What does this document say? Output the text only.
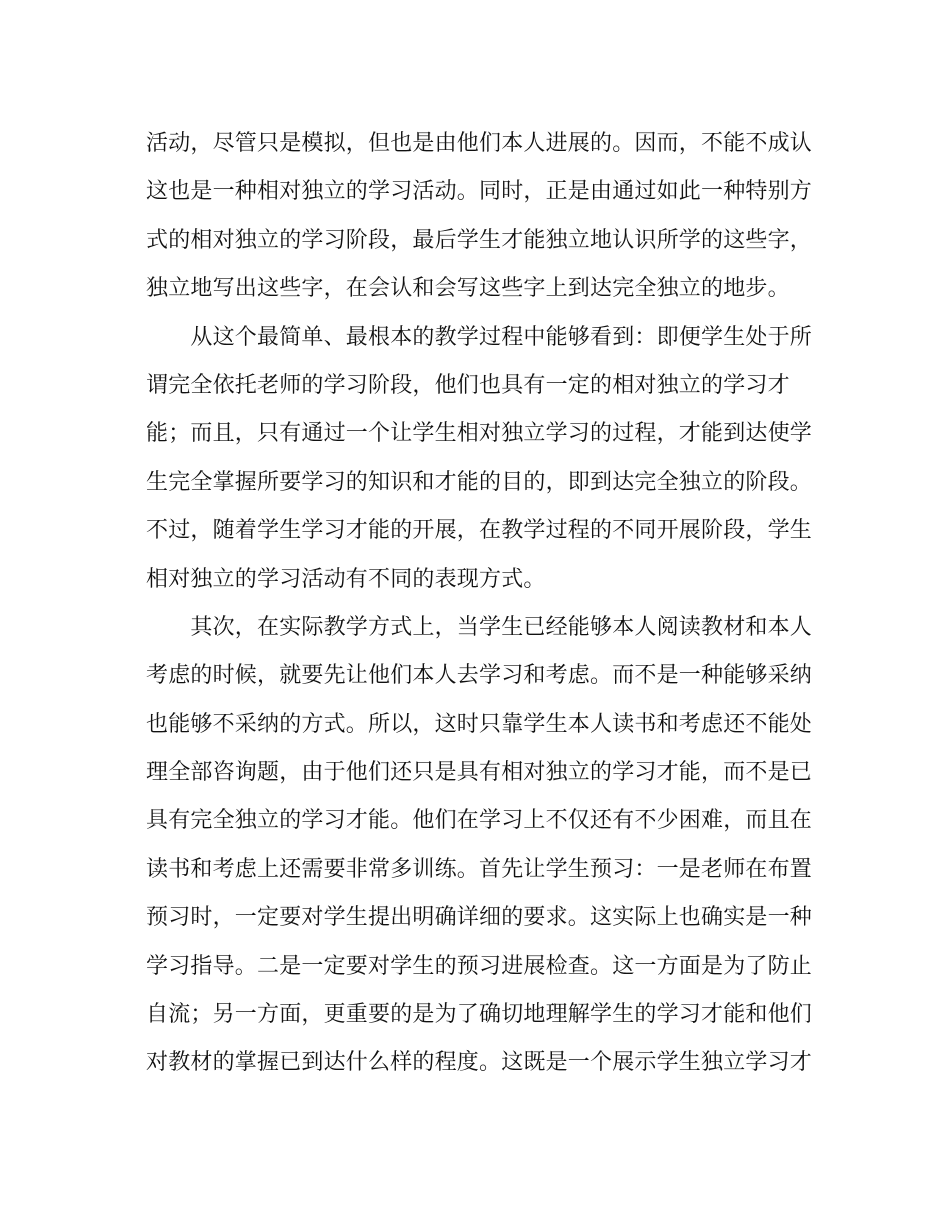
活动，尽管只是模拟，但也是由他们本人进展的。因而，不能不成认

这也是一种相对独立的学习活动。同时，正是由通过如此一种特别方

式的相对独立的学习阶段，最后学生才能独立地认识所学的这些字，

独立地写出这些字，在会认和会写这些字上到达完全独立的地步。

　　从这个最简单、最根本的教学过程中能够看到：即便学生处于所

谓完全依托老师的学习阶段，他们也具有一定的相对独立的学习才

能；而且，只有通过一个让学生相对独立学习的过程，才能到达使学

生完全掌握所要学习的知识和才能的目的，即到达完全独立的阶段。

不过，随着学生学习才能的开展，在教学过程的不同开展阶段，学生

相对独立的学习活动有不同的表现方式。

　　其次，在实际教学方式上，当学生已经能够本人阅读教材和本人

考虑的时候，就要先让他们本人去学习和考虑。而不是一种能够采纳

也能够不采纳的方式。所以，这时只靠学生本人读书和考虑还不能处

理全部咨询题，由于他们还只是具有相对独立的学习才能，而不是已

具有完全独立的学习才能。他们在学习上不仅还有不少困难，而且在

读书和考虑上还需要非常多训练。首先让学生预习：一是老师在布置

预习时，一定要对学生提出明确详细的要求。这实际上也确实是一种

学习指导。二是一定要对学生的预习进展检查。这一方面是为了防止

自流；另一方面，更重要的是为了确切地理解学生的学习才能和他们

对教材的掌握已到达什么样的程度。这既是一个展示学生独立学习才
